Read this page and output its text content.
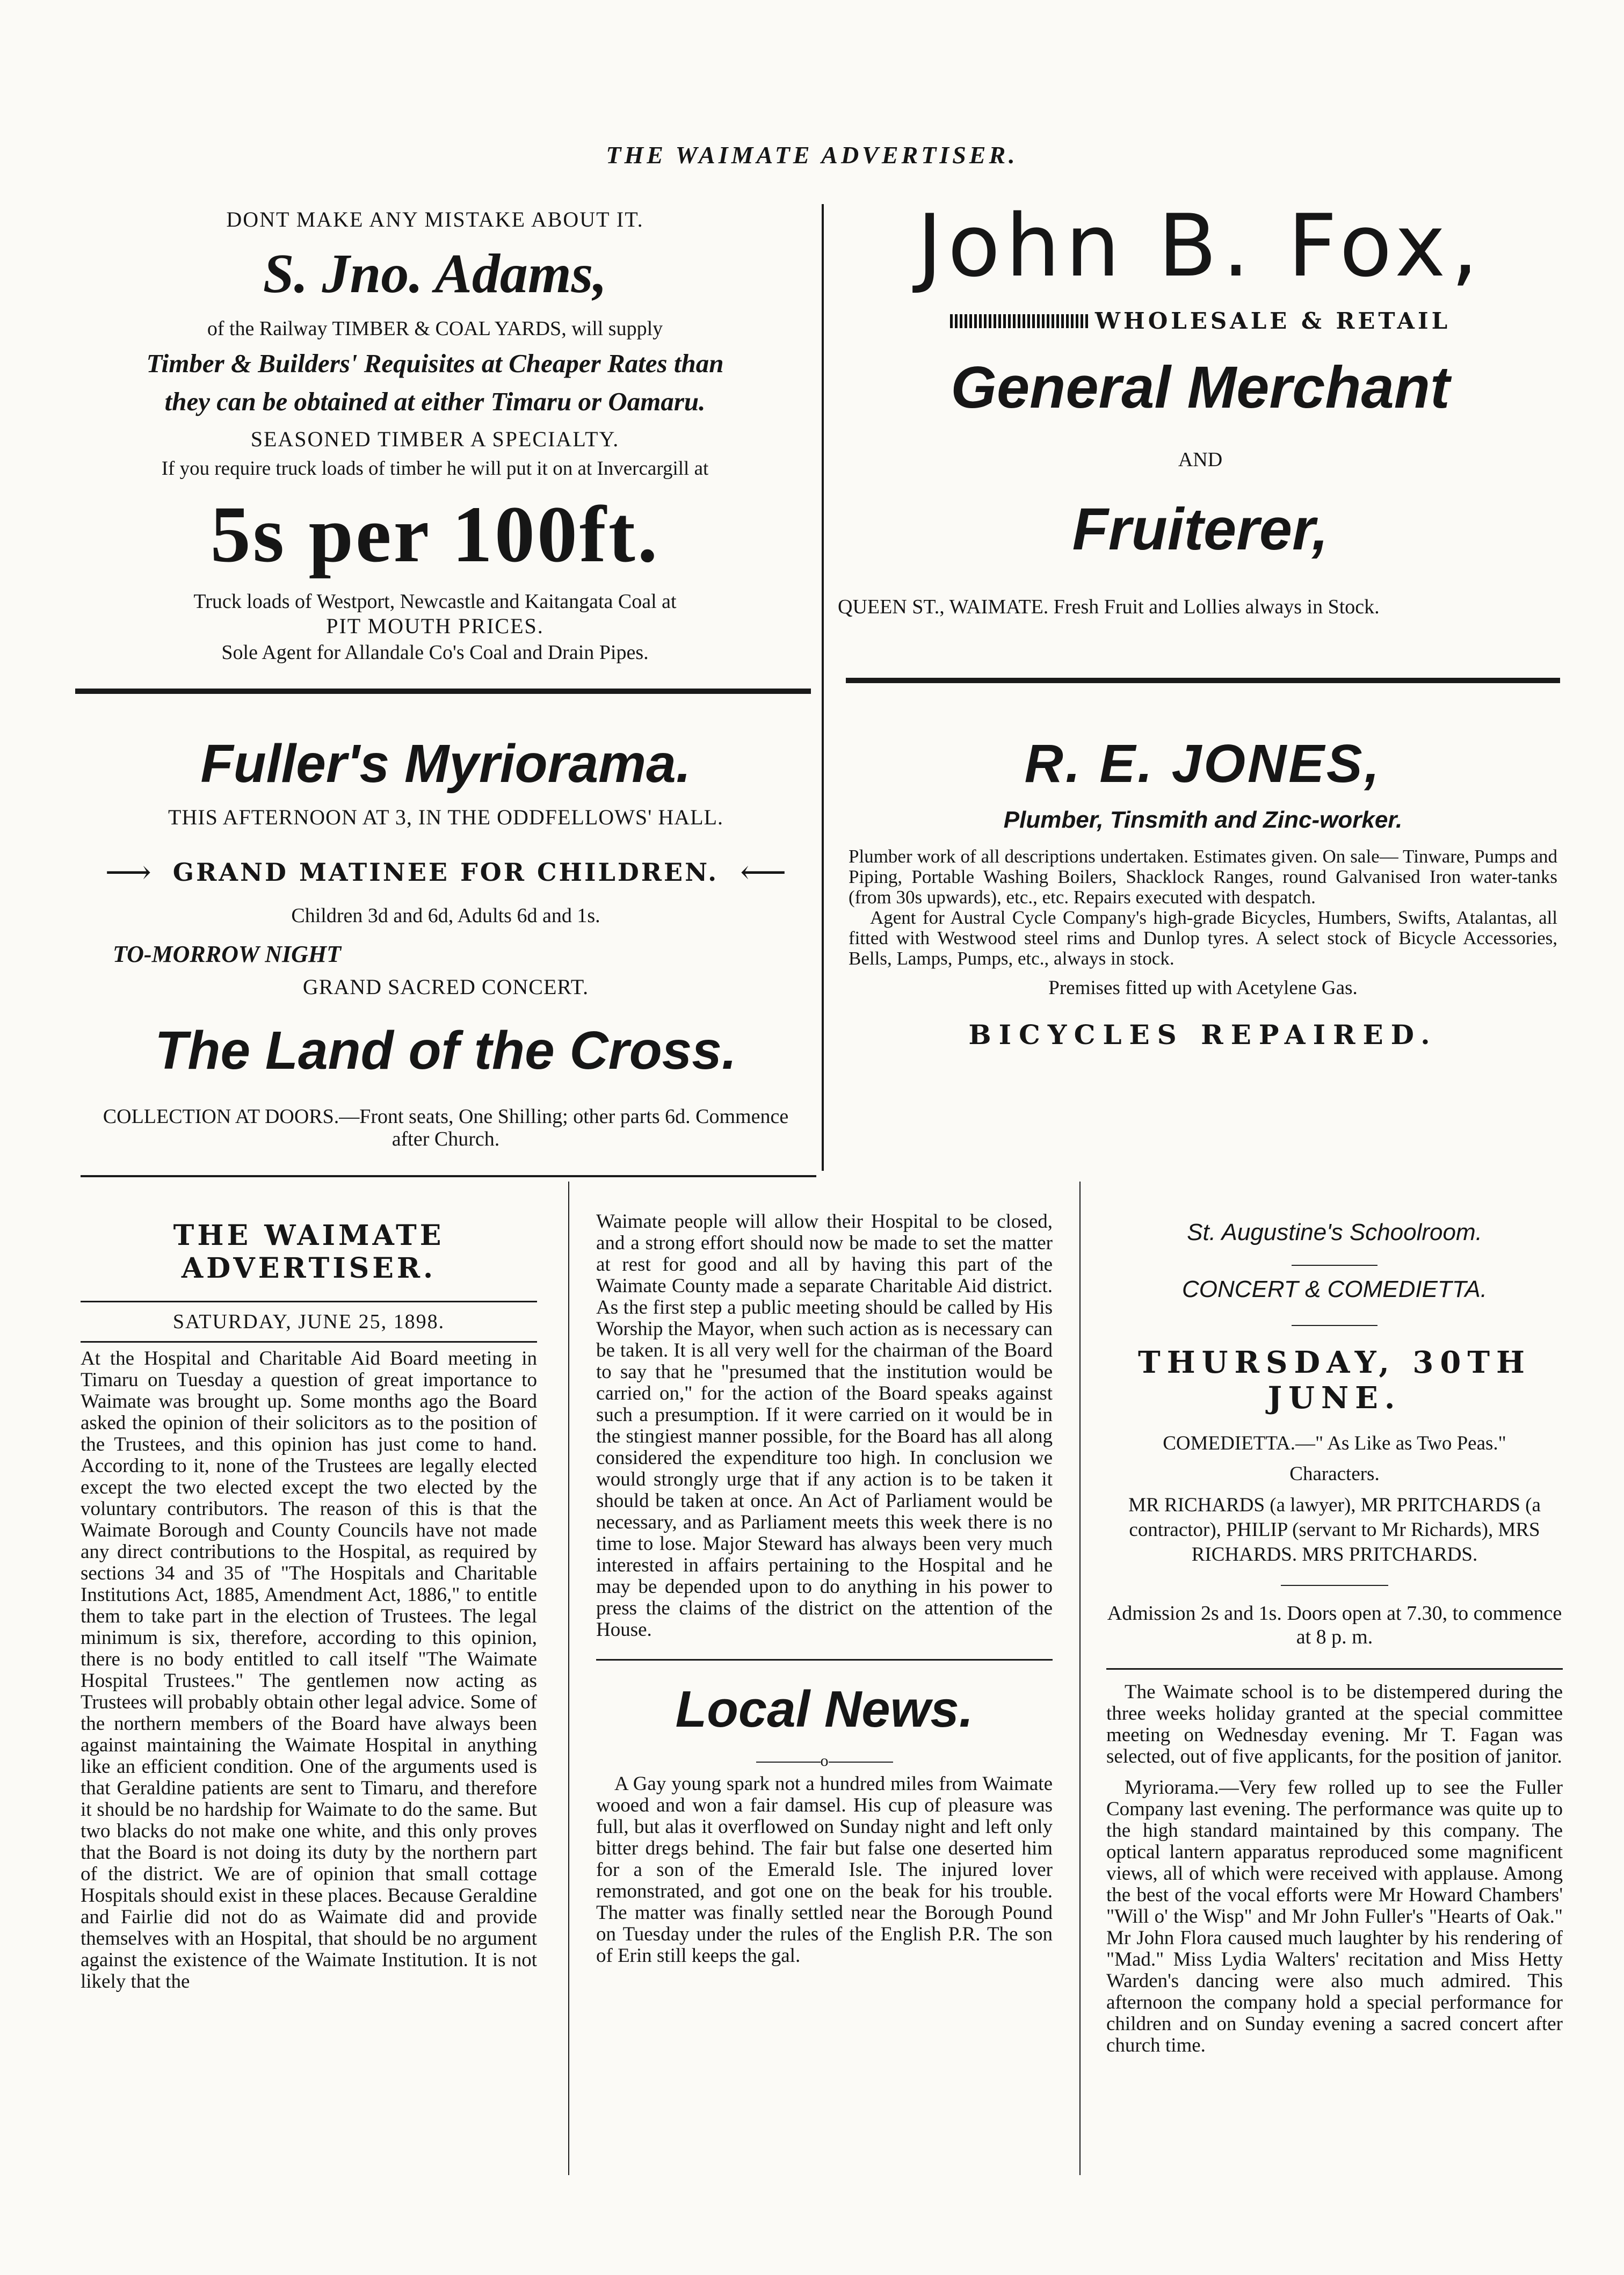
THE WAIMATE ADVERTISER.
DONT MAKE ANY MISTAKE ABOUT IT.
S. Jno. Adams,
of the Railway TIMBER & COAL YARDS, will supply
Timber & Builders' Requisites at Cheaper Rates than
they can be obtained at either Timaru or Oamaru.
SEASONED TIMBER A SPECIALTY.
If you require truck loads of timber he will put it on at Invercargill at
5s per 100ft.
Truck loads of Westport, Newcastle and Kaitangata Coal at
PIT MOUTH PRICES.
Sole Agent for Allandale Co's Coal and Drain Pipes.
John B. Fox,
WHOLESALE & RETAIL
General Merchant
AND
Fruiterer,
QUEEN ST., WAIMATE. Fresh Fruit and Lollies always in Stock.
Fuller's Myriorama.
THIS AFTERNOON AT 3, IN THE ODDFELLOWS' HALL.
⟶ GRAND MATINEE FOR CHILDREN. ⟵
Children 3d and 6d, Adults 6d and 1s.
TO-MORROW NIGHT
GRAND SACRED CONCERT.
The Land of the Cross.
COLLECTION AT DOORS.—Front seats, One Shilling; other parts 6d. Commence after Church.
R. E. JONES,
Plumber, Tinsmith and Zinc-worker.

Plumber work of all descriptions undertaken. Estimates given. On sale— Tinware, Pumps and Piping, Portable Washing Boilers, Shacklock Ranges, round Galvanised Iron water-tanks (from 30s upwards), etc., etc. Repairs executed with despatch.

Agent for Austral Cycle Company's high-grade Bicycles, Humbers, Swifts, Atalantas, all fitted with Westwood steel rims and Dunlop tyres. A select stock of Bicycle Accessories, Bells, Lamps, Pumps, etc., always in stock.

Premises fitted up with Acetylene Gas.
BICYCLES REPAIRED.
THE WAIMATE ADVERTISER.
SATURDAY, JUNE 25, 1898.

At the Hospital and Charitable Aid Board meeting in Timaru on Tuesday a question of great importance to Waimate was brought up. Some months ago the Board asked the opinion of their solicitors as to the position of the Trustees, and this opinion has just come to hand. According to it, none of the Trustees are legally elected except the two elected except the two elected by the voluntary contributors. The reason of this is that the Waimate Borough and County Councils have not made any direct contributions to the Hospital, as required by sections 34 and 35 of "The Hospitals and Charitable Institutions Act, 1885, Amendment Act, 1886," to entitle them to take part in the election of Trustees. The legal minimum is six, therefore, according to this opinion, there is no body entitled to call itself "The Waimate Hospital Trustees." The gentlemen now acting as Trustees will probably obtain other legal advice. Some of the northern members of the Board have always been against maintaining the Waimate Hospital in anything like an efficient condition. One of the arguments used is that Geraldine patients are sent to Timaru, and therefore it should be no hardship for Waimate to do the same. But two blacks do not make one white, and this only proves that the Board is not doing its duty by the northern part of the district. We are of opinion that small cottage Hospitals should exist in these places. Because Geraldine and Fairlie did not do as Waimate did and provide themselves with an Hospital, that should be no argument against the existence of the Waimate Institution. It is not likely that the

Waimate people will allow their Hospital to be closed, and a strong effort should now be made to set the matter at rest for good and all by having this part of the Waimate County made a separate Charitable Aid district. As the first step a public meeting should be called by His Worship the Mayor, when such action as is necessary can be taken. It is all very well for the chairman of the Board to say that he "presumed that the institution would be carried on," for the action of the Board speaks against such a presumption. If it were carried on it would be in the stingiest manner possible, for the Board has all along considered the expenditure too high. In conclusion we would strongly urge that if any action is to be taken it should be taken at once. An Act of Parliament would be necessary, and as Parliament meets this week there is no time to lose. Major Steward has always been very much interested in affairs pertaining to the Hospital and he may be depended upon to do anything in his power to press the claims of the district on the attention of the House.

Local News.
o

A Gay young spark not a hundred miles from Waimate wooed and won a fair damsel. His cup of pleasure was full, but alas it overflowed on Sunday night and left only bitter dregs behind. The fair but false one deserted him for a son of the Emerald Isle. The injured lover remonstrated, and got one on the beak for his trouble. The matter was finally settled near the Borough Pound on Tuesday under the rules of the English P.R. The son of Erin still keeps the gal.

St. Augustine's Schoolroom.
CONCERT & COMEDIETTA.
THURSDAY, 30TH JUNE.
COMEDIETTA.—" As Like as Two Peas."
Characters.
MR RICHARDS (a lawyer), MR PRITCHARDS (a contractor), PHILIP (servant to Mr Richards), MRS RICHARDS. MRS PRITCHARDS.
Admission 2s and 1s. Doors open at 7.30, to commence at 8 p. m.

The Waimate school is to be distempered during the three weeks holiday granted at the special committee meeting on Wednesday evening. Mr T. Fagan was selected, out of five applicants, for the position of janitor.

Myriorama.—Very few rolled up to see the Fuller Company last evening. The performance was quite up to the high standard maintained by this company. The optical lantern apparatus reproduced some magnificent views, all of which were received with applause. Among the best of the vocal efforts were Mr Howard Chambers' "Will o' the Wisp" and Mr John Fuller's "Hearts of Oak." Mr John Flora caused much laughter by his rendering of "Mad." Miss Lydia Walters' recitation and Miss Hetty Warden's dancing were also much admired. This afternoon the company hold a special performance for children and on Sunday evening a sacred concert after church time.
